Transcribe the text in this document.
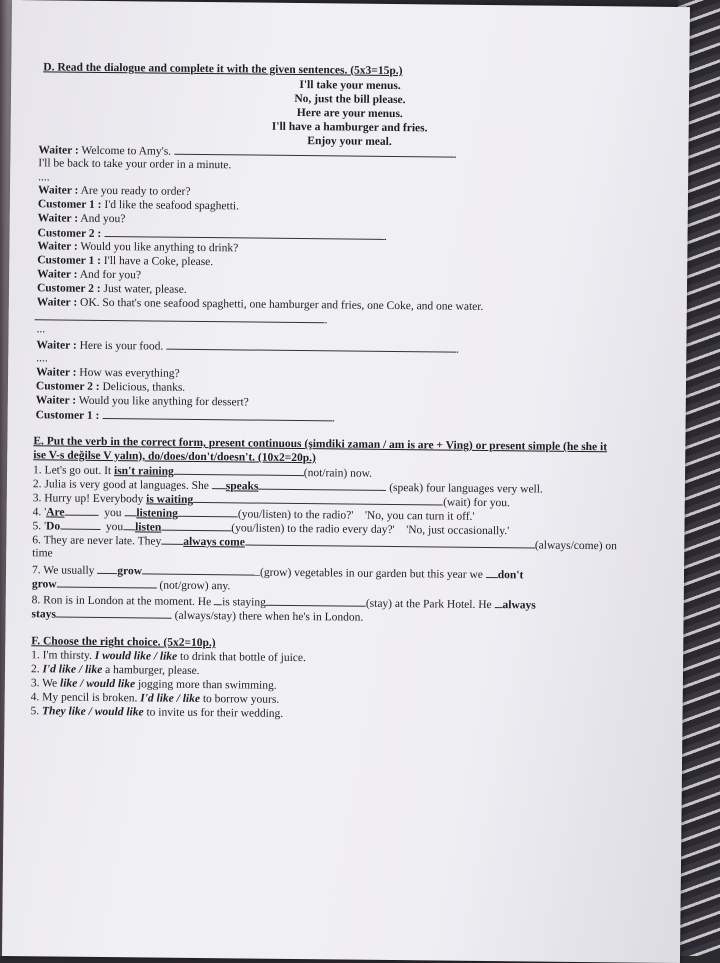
D. Read the dialogue and complete it with the given sentences. (5x3=15p.)
I'll take your menus.
No, just the bill please.
Here are your menus.
I'll have a hamburger and fries.
Enjoy your meal.
Waiter : Welcome to Amy's.	.
I'll be back to take your order in a minute.
....
Waiter : Are you ready to order?
Customer 1 : I'd like the seafood spaghetti.
Waiter : And you?
Customer 2 :	.
Waiter : Would you like anything to drink?
Customer 1 : I'll have a Coke, please.
Waiter : And for you?
Customer 2 : Just water, please.
Waiter : OK. So that's one seafood spaghetti, one hamburger and fries, one Coke, and one water.
.
...
Waiter : Here is your food.	.
....
Waiter : How was everything?
Customer 2 : Delicious, thanks.
Waiter : Would you like anything for dessert?
Customer 1 :	.
E. Put the verb in the correct form, present continuous (şimdiki zaman / am is are + Ving) or present simple (he she it
ise V-s değilse V yalın), do/does/don't/doesn't. (10x2=20p.)
1. Let's go out. It isn't raining	(not/rain) now.
2. Julia is very good at languages. She speaks	(speak) four languages very well.
3. Hurry up! Everybody is waiting	(wait) for you.
4. 'Are	you listening	(you/listen) to the radio?' 'No, you can turn it off.'
5. 'Do	you listen	(you/listen) to the radio every day?' 'No, just occasionally.'
6. They are never late. They always come	(always/come) on
time
7. We usually grow	(grow) vegetables in our garden but this year we don't
grow	(not/grow) any.
8. Ron is in London at the moment. He is staying	(stay) at the Park Hotel. He always
stays	(always/stay) there when he's in London.
F. Choose the right choice. (5x2=10p.)
1. I'm thirsty. I would like / like to drink that bottle of juice.
2. I'd like / like a hamburger, please.
3. We like / would like jogging more than swimming.
4. My pencil is broken. I'd like / like to borrow yours.
5. They like / would like to invite us for their wedding.
